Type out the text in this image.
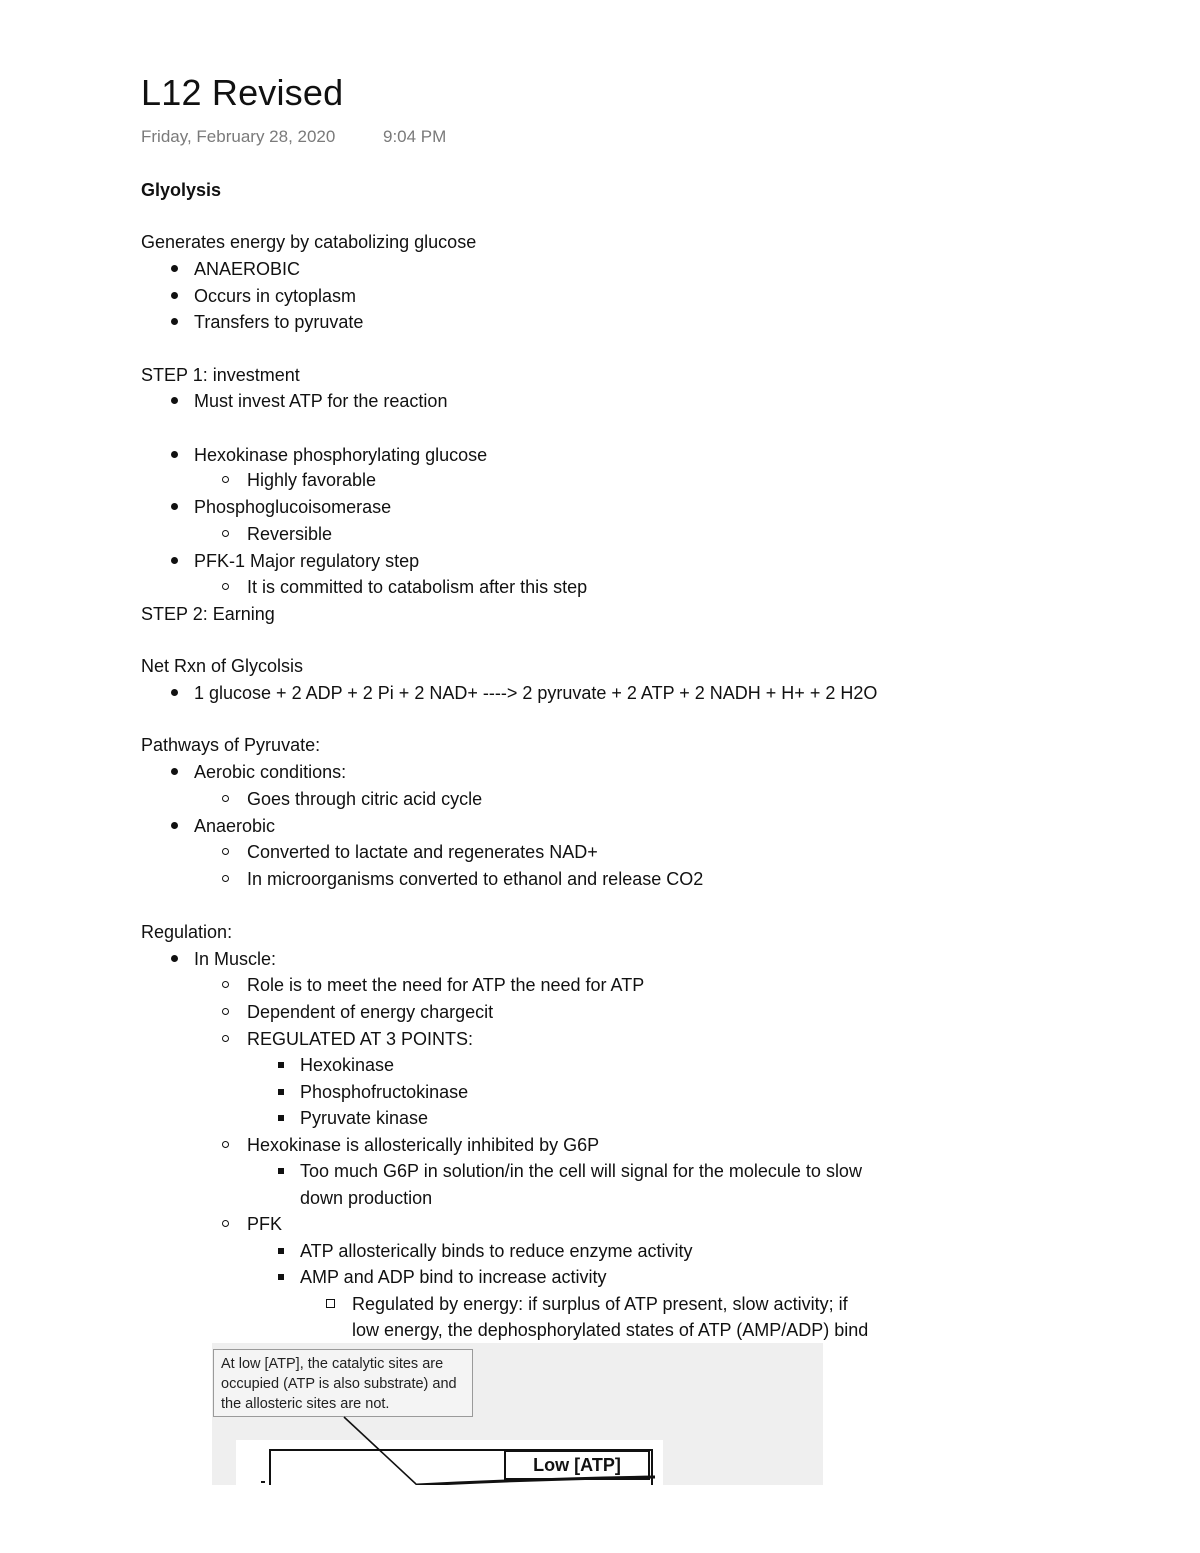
L12 Revised
Friday, February 28, 2020	9:04 PM
Glyolysis
Generates energy by catabolizing glucose
ANAEROBIC
Occurs in cytoplasm
Transfers to pyruvate
STEP 1: investment
Must invest ATP for the reaction
Hexokinase phosphorylating glucose
Highly favorable
Phosphoglucoisomerase
Reversible
PFK-1 Major regulatory step
It is committed to catabolism after this step
STEP 2: Earning
Net Rxn of Glycolsis
1 glucose + 2 ADP + 2 Pi + 2 NAD+ ----> 2 pyruvate + 2 ATP + 2 NADH + H+ + 2 H2O
Pathways of Pyruvate:
Aerobic conditions:
Goes through citric acid cycle
Anaerobic
Converted to lactate and regenerates NAD+
In microorganisms converted to ethanol and release CO2
Regulation:
In Muscle:
Role is to meet the need for ATP the need for ATP
Dependent of energy chargecit
REGULATED AT 3 POINTS:
Hexokinase
Phosphofructokinase
Pyruvate kinase
Hexokinase is allosterically inhibited by G6P
Too much G6P in solution/in the cell will signal for the molecule to slow
down production
PFK
ATP allosterically binds to reduce enzyme activity
AMP and ADP bind to increase activity
Regulated by energy: if surplus of ATP present, slow activity; if
low energy, the dephosphorylated states of ATP (AMP/ADP) bind
At low [ATP], the catalytic sites are occupied (ATP is also substrate) and the allosteric sites are not.
Low [ATP]
